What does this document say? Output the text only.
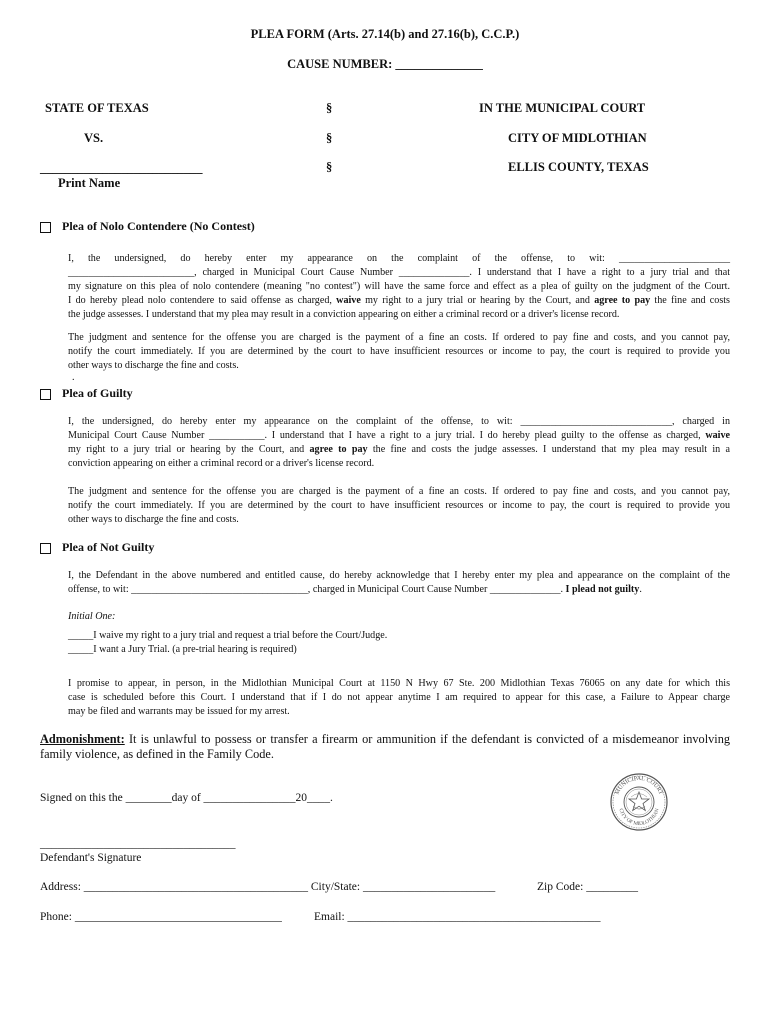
PLEA FORM (Arts. 27.14(b) and 27.16(b), C.C.P.)
CAUSE NUMBER: ______________
STATE OF TEXAS
VS.
__________________________
Print Name
§
§
§
IN THE MUNICIPAL COURT
CITY OF MIDLOTHIAN
ELLIS COUNTY, TEXAS
Plea of Nolo Contendere (No Contest)
I, the undersigned, do hereby enter my appearance on the complaint of the offense, to wit: ______________________
_________________________, charged in Municipal Court Cause Number ______________. I understand that I have a right to a jury trial and that
my signature on this plea of nolo contendere (meaning "no contest") will have the same force and effect as a plea of guilty on the judgment of the Court.
I do hereby plead nolo contendere to said offense as charged, waive my right to a jury trial or hearing by the Court, and agree to pay the fine and costs
the judge assesses. I understand that my plea may result in a conviction appearing on either a criminal record or a driver's license record.
The judgment and sentence for the offense you are charged is the payment of a fine an costs. If ordered to pay fine and costs, and you cannot pay,
notify the court immediately. If you are determined by the court to have insufficient resources or income to pay, the court is required to provide you
other ways to discharge the fine and costs.
.
Plea of Guilty
I, the undersigned, do hereby enter my appearance on the complaint of the offense, to wit: ______________________________, charged in
Municipal Court Cause Number ___________. I understand that I have a right to a jury trial. I do hereby plead guilty to the offense as charged, waive
my right to a jury trial or hearing by the Court, and agree to pay the fine and costs the judge assesses. I understand that my plea may result in a
conviction appearing on either a criminal record or a driver's license record.
The judgment and sentence for the offense you are charged is the payment of a fine an costs. If ordered to pay fine and costs, and you cannot pay,
notify the court immediately. If you are determined by the court to have insufficient resources or income to pay, the court is required to provide you
other ways to discharge the fine and costs.
Plea of Not Guilty
I, the Defendant in the above numbered and entitled cause, do hereby acknowledge that I hereby enter my plea and appearance on the complaint of the
offense, to wit: ___________________________________, charged in Municipal Court Cause Number ______________. I plead not guilty.
Initial One:
_____I waive my right to a jury trial and request a trial before the Court/Judge.
_____I want a Jury Trial. (a pre-trial hearing is required)
I promise to appear, in person, in the Midlothian Municipal Court at 1150 N Hwy 67 Ste. 200 Midlothian Texas 76065 on any date for which this
case is scheduled before this Court. I understand that if I do not appear anytime I am required to appear for this case, a Failure to Appear charge
may be filed and warrants may be issued for my arrest.
Admonishment: It is unlawful to possess or transfer a firearm or ammunition if the defendant is convicted of a misdemeanor involving
family violence, as defined in the Family Code.
Signed on this the ________day of ________________20____.
MUNICIPAL COURT
CITY OF MIDLOTHIAN
__________________________________
Defendant's Signature
Address: _______________________________________ City/State: _______________________	Zip Code: _________
Phone: ____________________________________	Email: ____________________________________________
